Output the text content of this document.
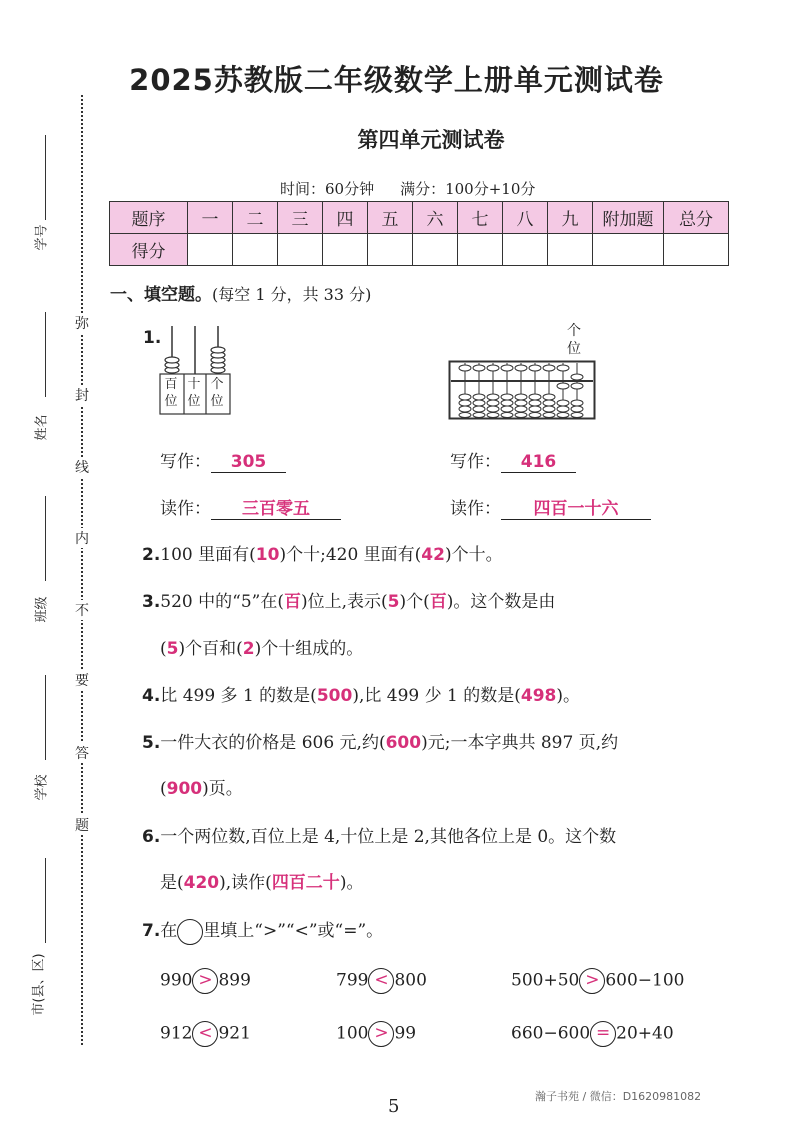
2025苏教版二年级数学上册单元测试卷
第四单元测试卷
时间：60分钟 满分：100分+10分
题序	一	二	三	四	五	六	七	八	九	附加题	总分
得分											
学号
姓名
班级
学校
市(县、区)
弥
封
线
内
不
要
答
题
一、填空题。(每空 1 分，共 33 分)
1.
百位
十位
个位
个位
写作： 305
读作： 三百零五
写作： 416
读作： 四百一十六
2.100 里面有(10)个十;420 里面有(42)个十。
3.520 中的“5”在(百)位上,表示(5)个(百)。这个数是由
(5)个百和(2)个十组成的。
4.比 499 多 1 的数是(500),比 499 少 1 的数是(498)。
5.一件大衣的价格是 606 元,约(600)元;一本字典共 897 页,约
(900)页。
6.一个两位数,百位上是 4,十位上是 2,其他各位上是 0。这个数
是(420),读作(四百二十)。
7.在 里填上“>”“<”或“=”。
990 > 899	799 < 800	500+50 > 600−100
912 < 921	100 > 99	660−600 = 20+40
瀚子书苑 / 微信：D1620981082
5
